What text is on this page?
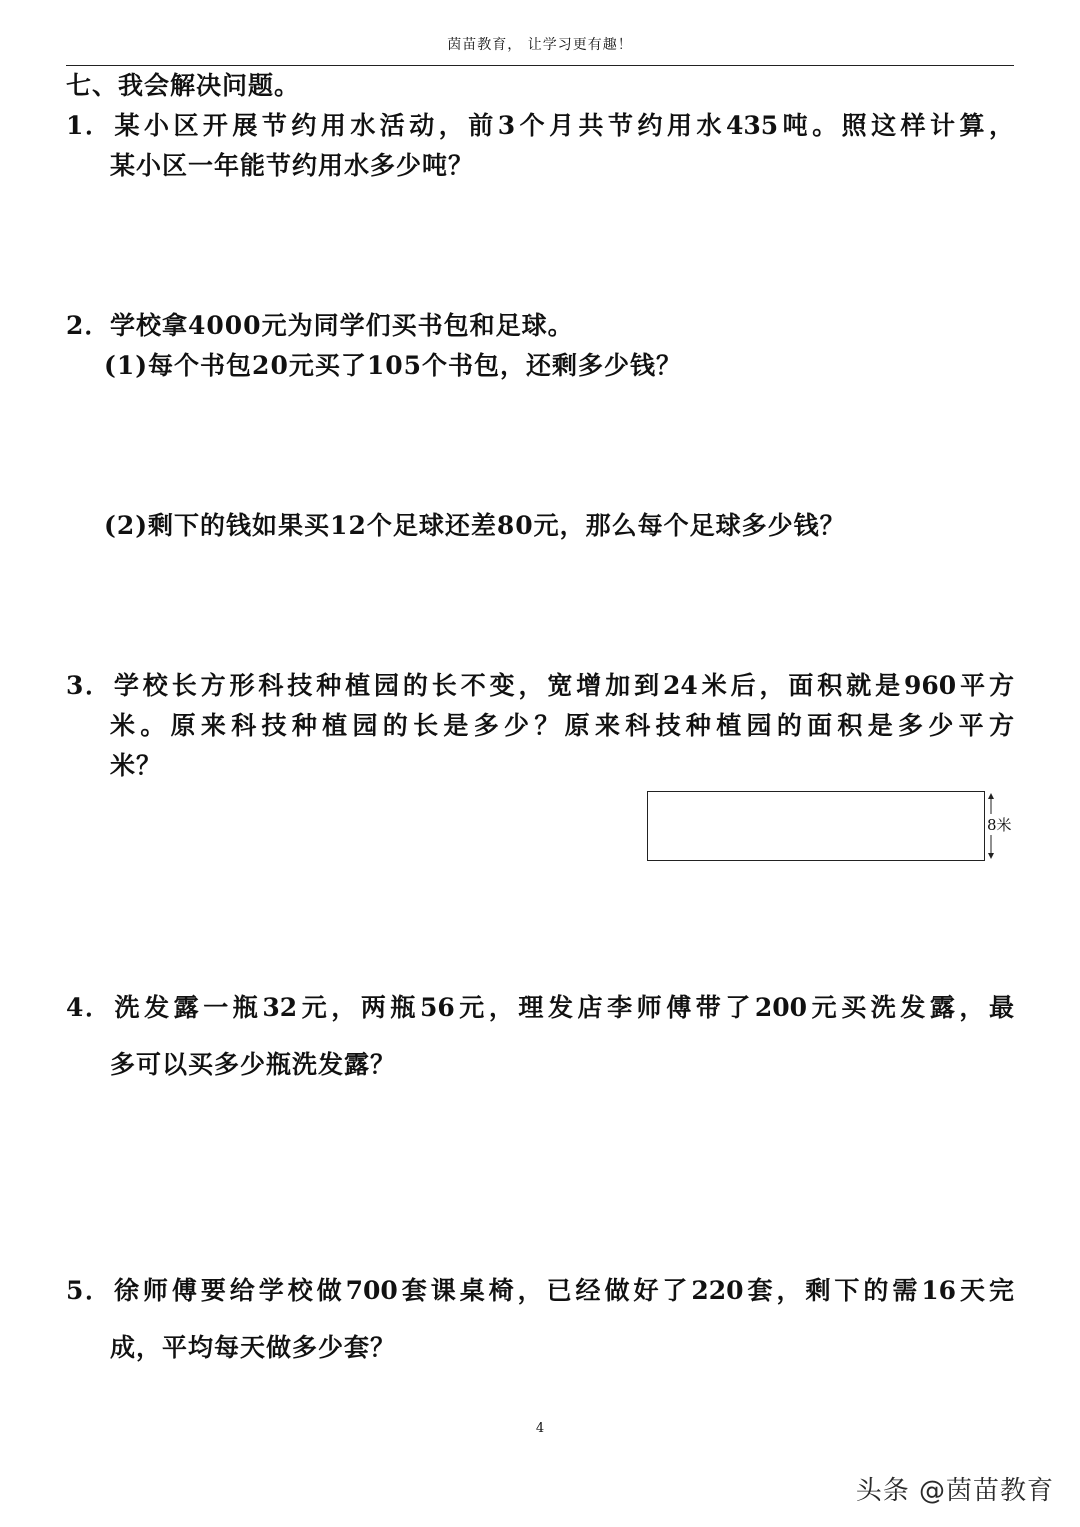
茵苗教育， 让学习更有趣！
七、我会解决问题。
1．某小区开展节约用水活动，前3个月共节约用水435吨。照这样计算，
某小区一年能节约用水多少吨？
2．学校拿4000元为同学们买书包和足球。
(1)每个书包20元买了105个书包，还剩多少钱？
(2)剩下的钱如果买12个足球还差80元，那么每个足球多少钱？
3．学校长方形科技种植园的长不变，宽增加到24米后，面积就是960平方
米。原来科技种植园的长是多少？原来科技种植园的面积是多少平方
米？
8米
4．洗发露一瓶32元，两瓶56元，理发店李师傅带了200元买洗发露，最
多可以买多少瓶洗发露？
5．徐师傅要给学校做700套课桌椅，已经做好了220套，剩下的需16天完
成，平均每天做多少套？
4
头条 @茵苗教育
